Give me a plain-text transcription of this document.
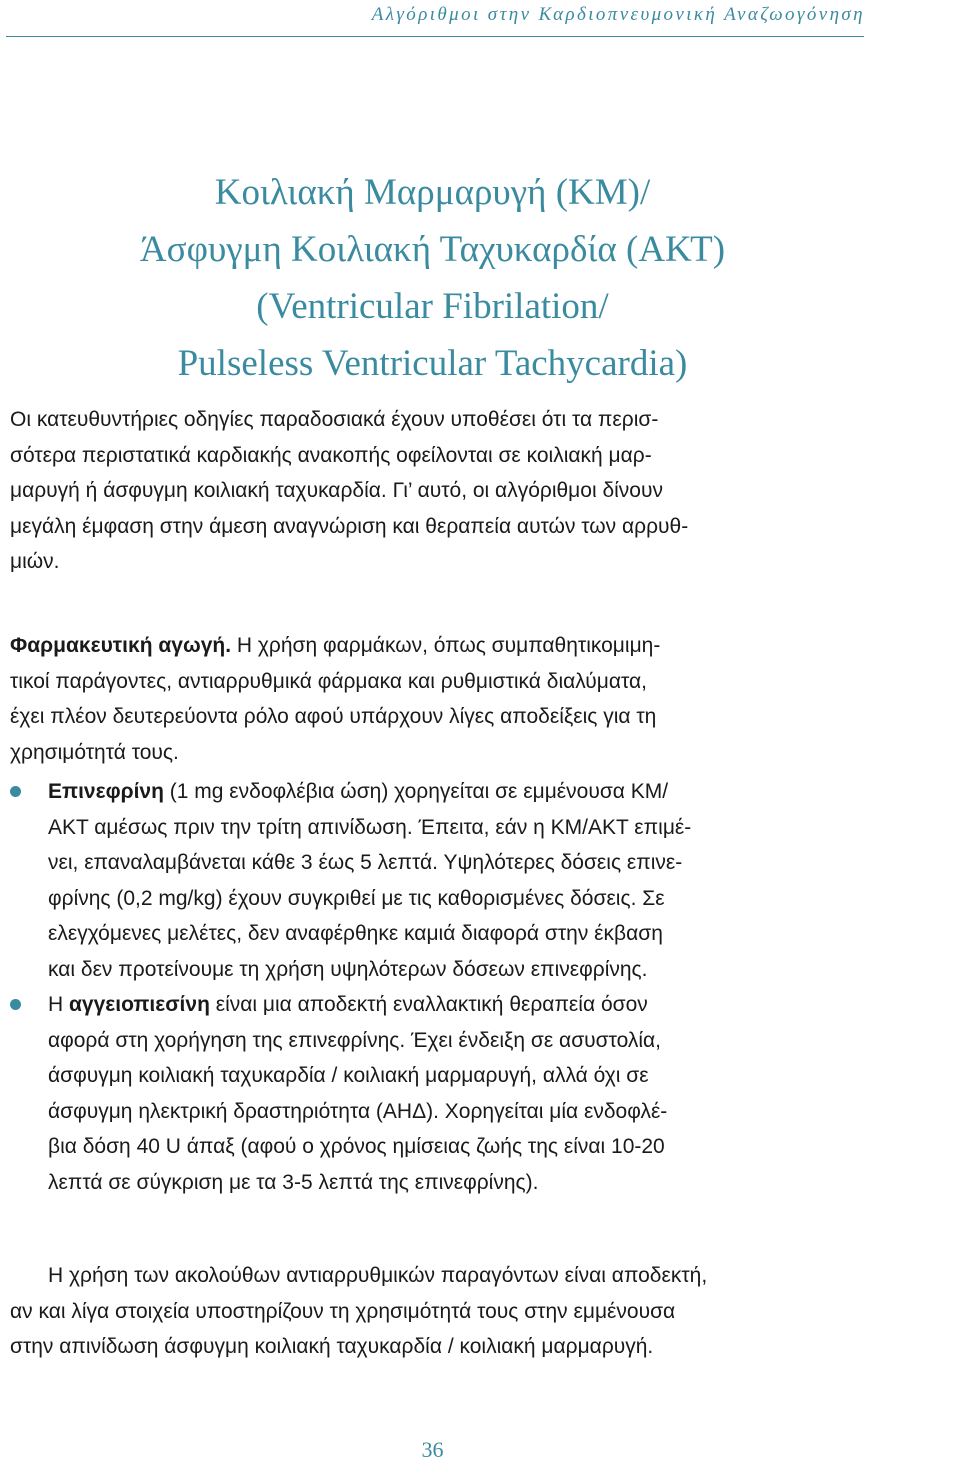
Αλγόριθμοι στην Καρδιοπνευμονική Αναζωογόνηση
Κοιλιακή Μαρμαρυγή (ΚΜ)/
Άσφυγμη Κοιλιακή Ταχυκαρδία (ΑΚΤ)
(Ventricular Fibrilation/
Pulseless Ventricular Tachycardia)

Οι κατευθυντήριες οδηγίες παραδοσιακά έχουν υποθέσει ότι τα περισ-
σότερα περιστατικά καρδιακής ανακοπής οφείλονται σε κοιλιακή μαρ-
μαρυγή ή άσφυγμη κοιλιακή ταχυκαρδία. Γι’ αυτό, οι αλγόριθμοι δίνουν
μεγάλη έμφαση στην άμεση αναγνώριση και θεραπεία αυτών των αρρυθ-
μιών.

Φαρμακευτική αγωγή. Η χρήση φαρμάκων, όπως συμπαθητικομιμη-
τικοί παράγοντες, αντιαρρυθμικά φάρμακα και ρυθμιστικά διαλύματα,
έχει πλέον δευτερεύοντα ρόλο αφού υπάρχουν λίγες αποδείξεις για τη
χρησιμότητά τους.

Επινεφρίνη (1 mg ενδοφλέβια ώση) χορηγείται σε εμμένουσα ΚΜ/
ΑΚΤ αμέσως πριν την τρίτη απινίδωση. Έπειτα, εάν η ΚΜ/ΑΚΤ επιμέ-
νει, επαναλαμβάνεται κάθε 3 έως 5 λεπτά. Υψηλότερες δόσεις επινε-
φρίνης (0,2 mg/kg) έχουν συγκριθεί με τις καθορισμένες δόσεις. Σε
ελεγχόμενες μελέτες, δεν αναφέρθηκε καμιά διαφορά στην έκβαση
και δεν προτείνουμε τη χρήση υψηλότερων δόσεων επινεφρίνης.
Η αγγειοπιεσίνη είναι μια αποδεκτή εναλλακτική θεραπεία όσον
αφορά στη χορήγηση της επινεφρίνης. Έχει ένδειξη σε ασυστολία,
άσφυγμη κοιλιακή ταχυκαρδία / κοιλιακή μαρμαρυγή, αλλά όχι σε
άσφυγμη ηλεκτρική δραστηριότητα (ΑΗΔ). Χορηγείται μία ενδοφλέ-
βια δόση 40 U άπαξ (αφού ο χρόνος ημίσειας ζωής της είναι 10-20
λεπτά σε σύγκριση με τα 3-5 λεπτά της επινεφρίνης).

Η χρήση των ακολούθων αντιαρρυθμικών παραγόντων είναι αποδεκτή,
αν και λίγα στοιχεία υποστηρίζουν τη χρησιμότητά τους στην εμμένουσα
στην απινίδωση άσφυγμη κοιλιακή ταχυκαρδία / κοιλιακή μαρμαρυγή.

36
